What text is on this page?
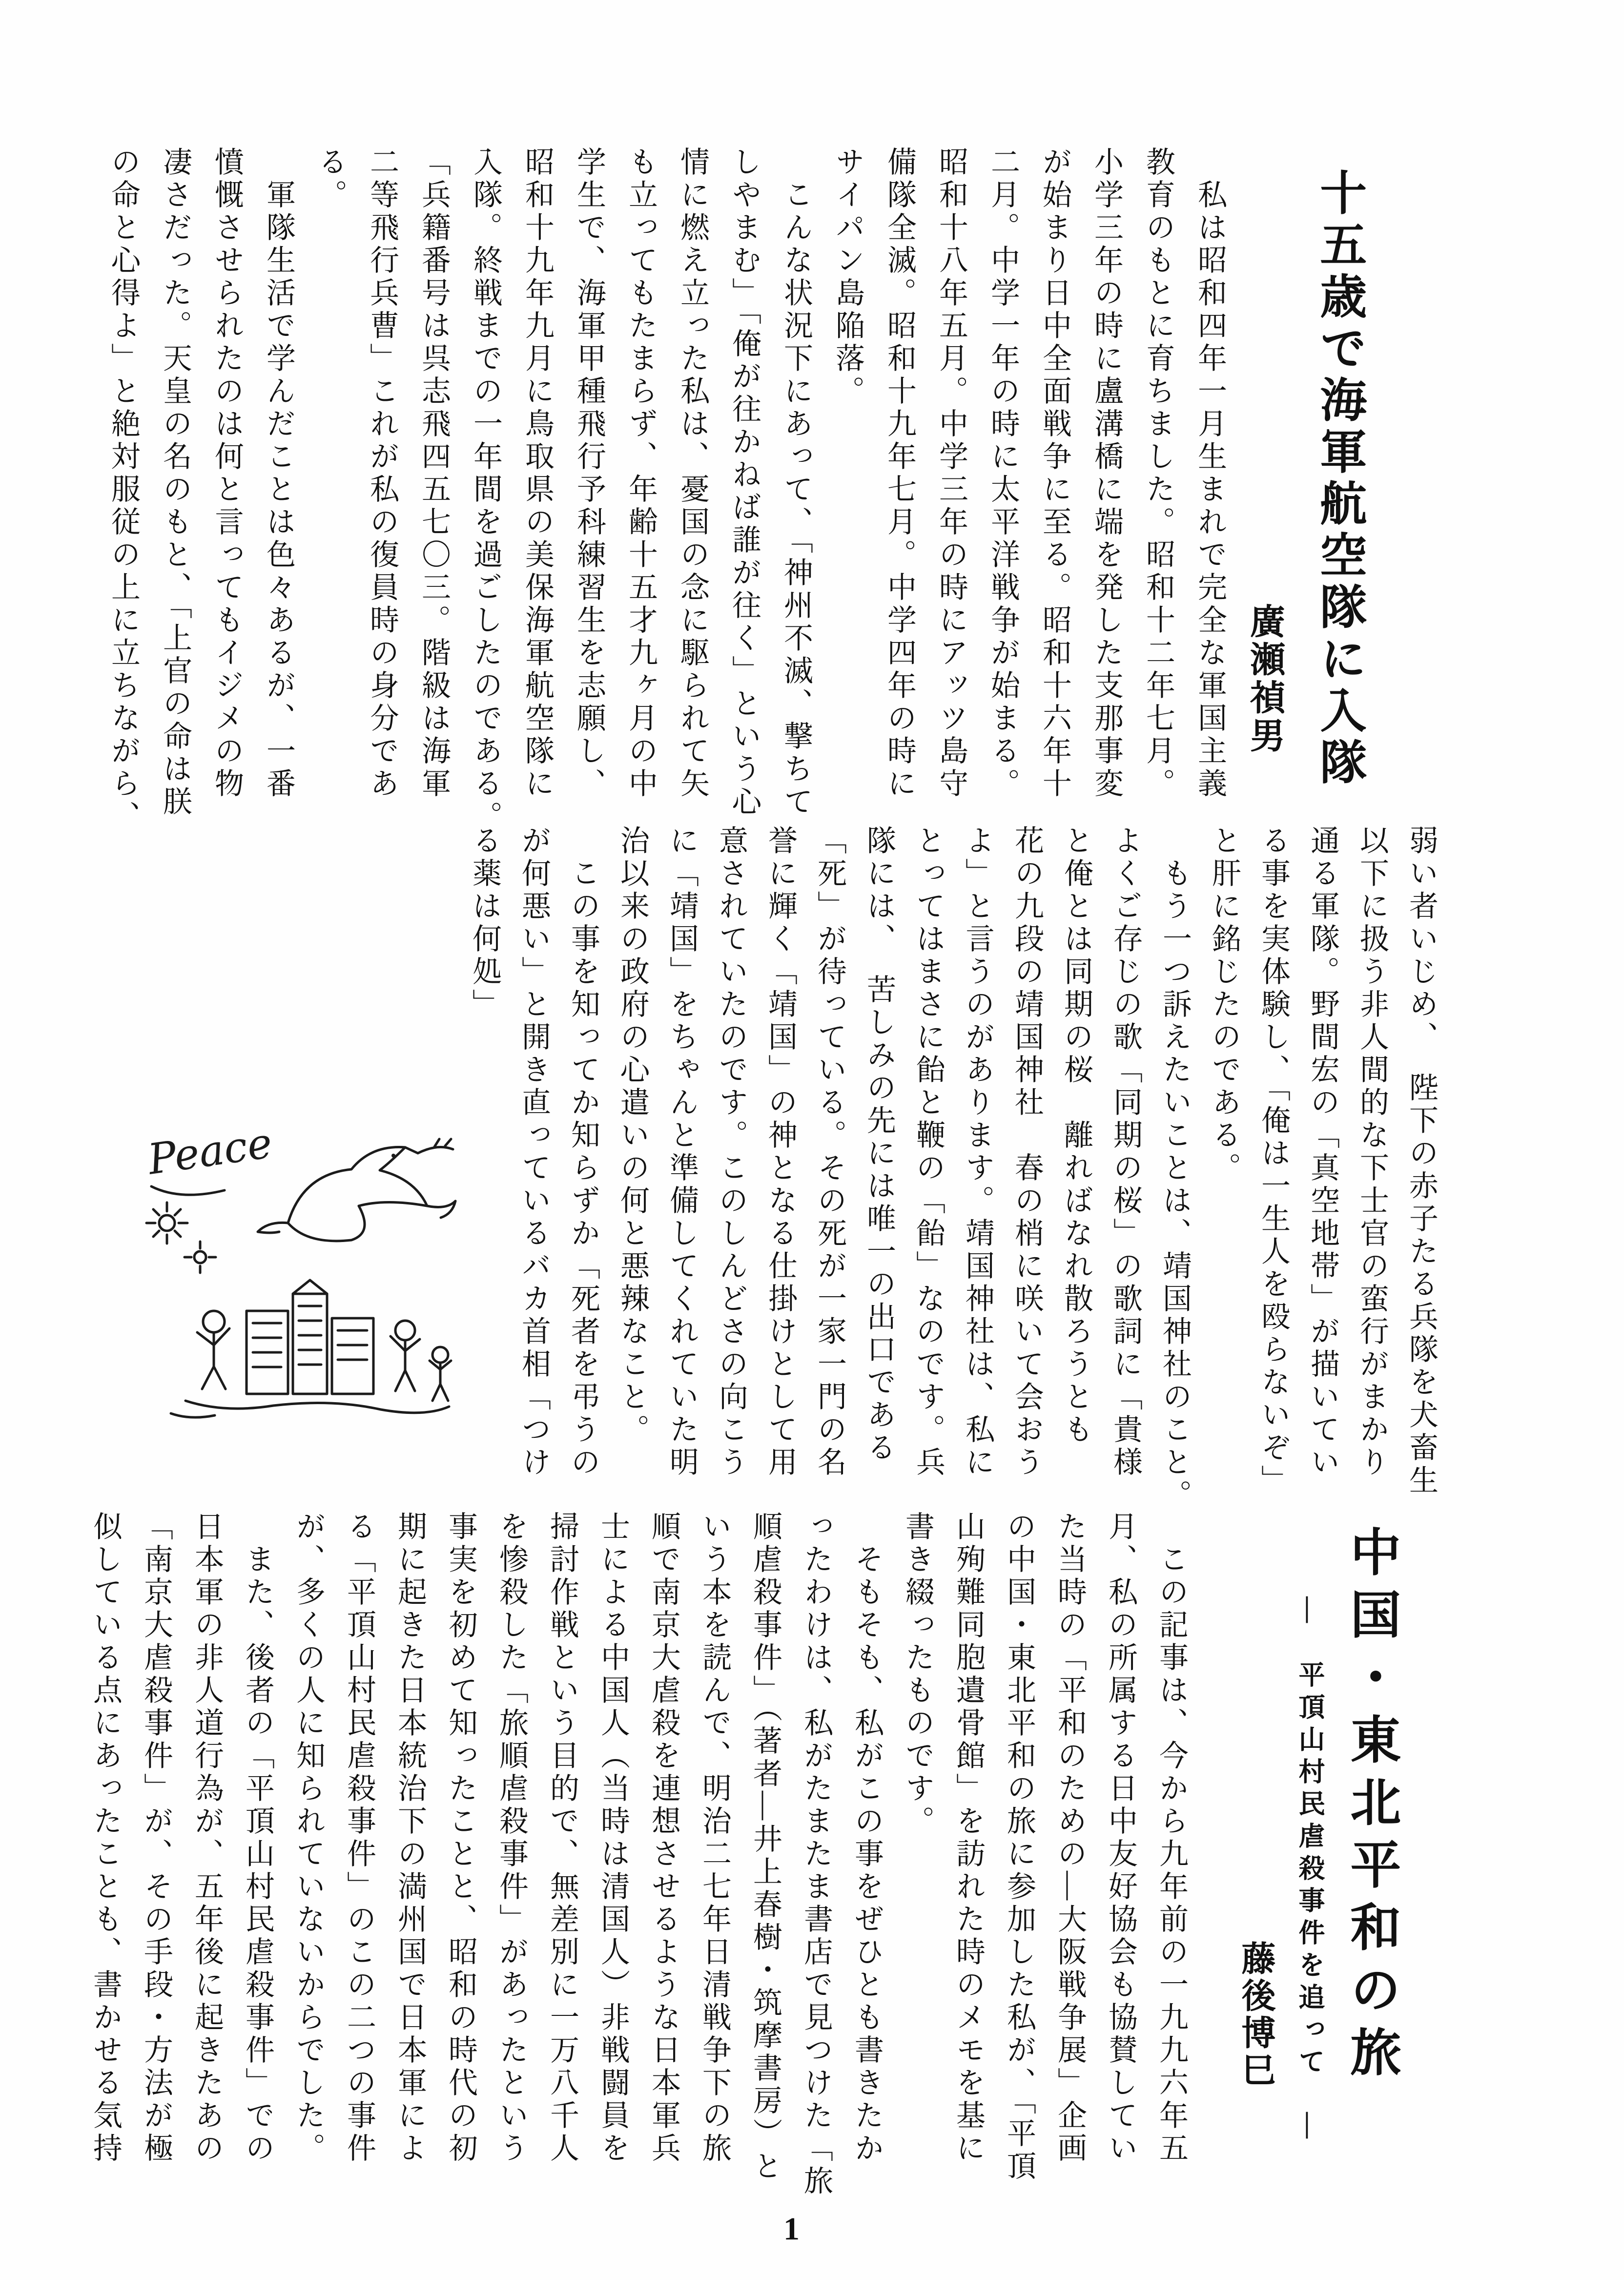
十五歳で海軍航空隊に入隊
廣瀬禎男
　私は昭和四年一月生まれで完全な軍国主義
教育のもとに育ちました。昭和十二年七月。
小学三年の時に盧溝橋に端を発した支那事変
が始まり日中全面戦争に至る。昭和十六年十
二月。中学一年の時に太平洋戦争が始まる。
昭和十八年五月。中学三年の時にアッツ島守
備隊全滅。昭和十九年七月。中学四年の時に
サイパン島陥落。
　こんな状況下にあって、「神州不滅、撃ちて
しやまむ」「俺が往かねば誰が往く」という心
情に燃え立った私は、憂国の念に駆られて矢
も立ってもたまらず、年齢十五才九ヶ月の中
学生で、海軍甲種飛行予科練習生を志願し、
昭和十九年九月に鳥取県の美保海軍航空隊に
入隊。終戦までの一年間を過ごしたのである。
「兵籍番号は呉志飛四五七〇三。階級は海軍
二等飛行兵曹」これが私の復員時の身分であ
る。
　軍隊生活で学んだことは色々あるが、一番
憤慨させられたのは何と言ってもイジメの物
凄さだった。天皇の名のもと、「上官の命は朕
の命と心得よ」と絶対服従の上に立ちながら、
弱い者いじめ、　陛下の赤子たる兵隊を犬畜生
以下に扱う非人間的な下士官の蛮行がまかり
通る軍隊。野間宏の「真空地帯」が描いてい
る事を実体験し、「俺は一生人を殴らないぞ」
と肝に銘じたのである。
　もう一つ訴えたいことは、靖国神社のこと。
よくご存じの歌「同期の桜」の歌詞に「貴様
と俺とは同期の桜　離ればなれ散ろうとも
花の九段の靖国神社　春の梢に咲いて会おう
よ」と言うのがあります。靖国神社は、私に
とってはまさに飴と鞭の「飴」なのです。兵
隊には、　苦しみの先には唯一の出口である
「死」が待っている。その死が一家一門の名
誉に輝く「靖国」の神となる仕掛けとして用
意されていたのです。このしんどさの向こう
に「靖国」をちゃんと準備してくれていた明
治以来の政府の心遣いの何と悪辣なこと。
　この事を知ってか知らずか「死者を弔うの
が何悪い」と開き直っているバカ首相「つけ
る薬は何処」
Peace
中国・東北平和の旅
―　平頂山村民虐殺事件を追って　―
藤後博巳
　この記事は、今から九年前の一九九六年五
月、私の所属する日中友好協会も協賛してい
た当時の「平和のための―大阪戦争展」企画
の中国・東北平和の旅に参加した私が、「平頂
山殉難同胞遺骨館」を訪れた時のメモを基に
書き綴ったものです。
　そもそも、私がこの事をぜひとも書きたか
ったわけは、私がたまたま書店で見つけた「旅
順虐殺事件」（著者―井上春樹・筑摩書房）と
いう本を読んで、明治二七年日清戦争下の旅
順で南京大虐殺を連想させるような日本軍兵
士による中国人（当時は清国人）非戦闘員を
掃討作戦という目的で、無差別に一万八千人
を惨殺した「旅順虐殺事件」があったという
事実を初めて知ったことと、昭和の時代の初
期に起きた日本統治下の満州国で日本軍によ
る「平頂山村民虐殺事件」のこの二つの事件
が、多くの人に知られていないからでした。
　また、後者の「平頂山村民虐殺事件」での
日本軍の非人道行為が、五年後に起きたあの
「南京大虐殺事件」が、その手段・方法が極
似している点にあったことも、書かせる気持
1
